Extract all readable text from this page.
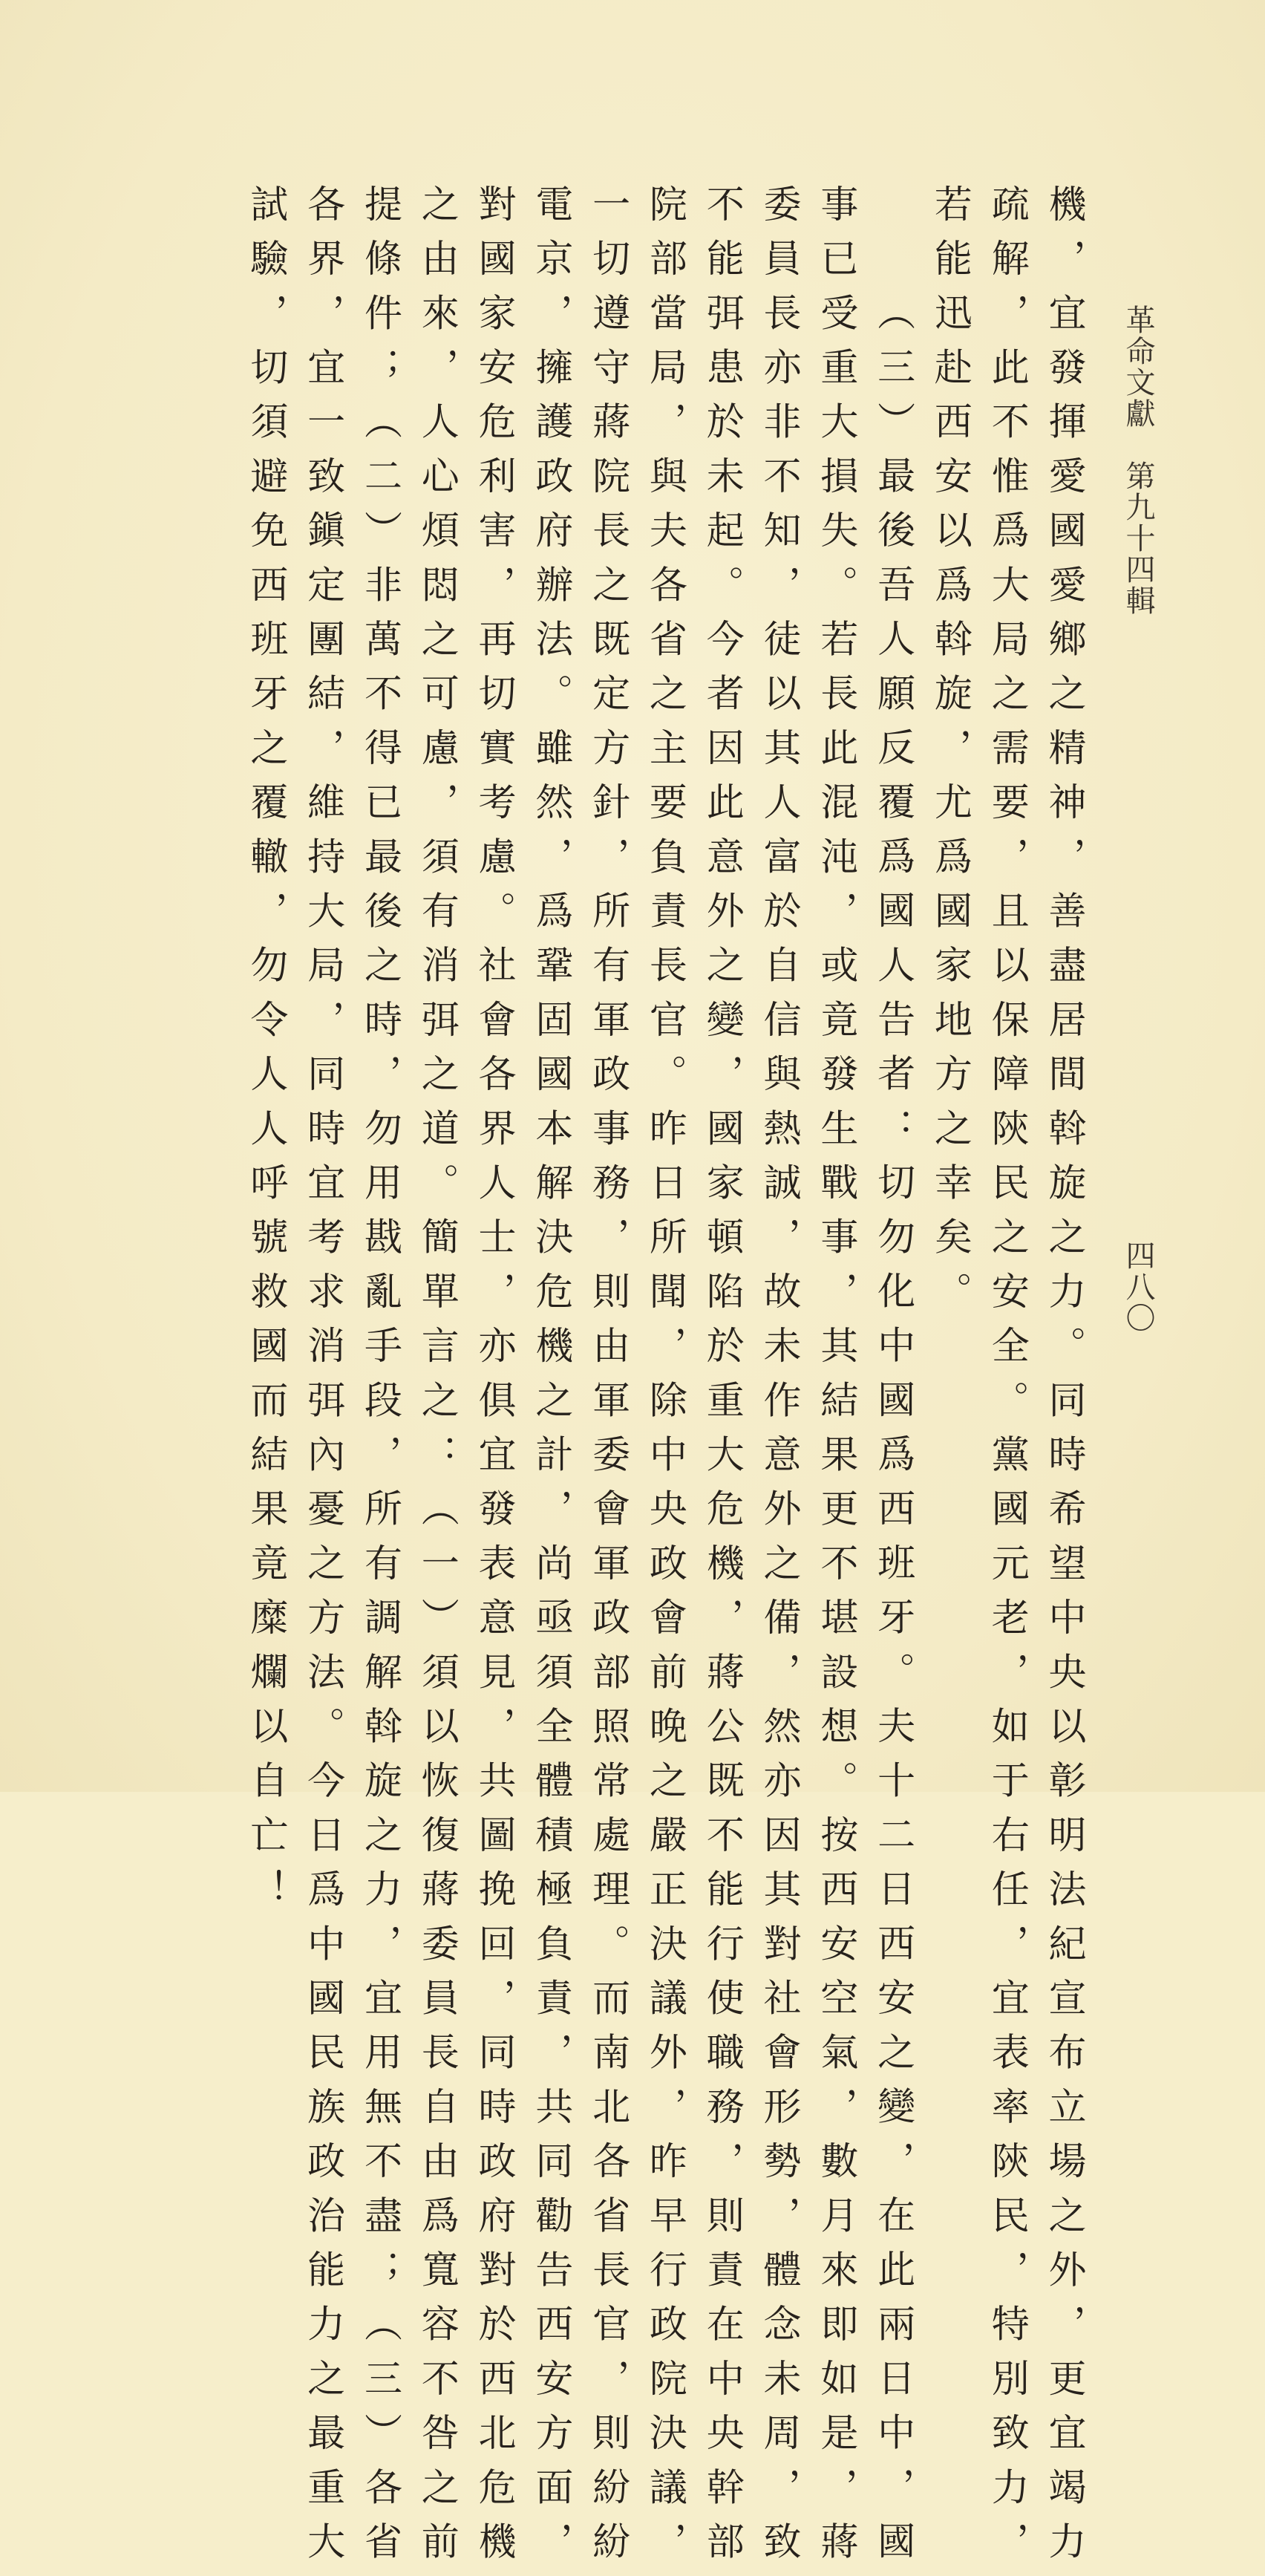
革命文獻　第九十四輯
四八〇
機，宜發揮愛國愛鄉之精神，善盡居間斡旋之力。同時希望中央以彰明法紀宣布立場之外，更宜竭力
疏解，此不惟爲大局之需要，且以保障陝民之安全。黨國元老，如于右任，宜表率陝民，特別致力，
若能迅赴西安以爲斡旋，尤爲國家地方之幸矣。
（三）最後吾人願反覆爲國人告者：切勿化中國爲西班牙。夫十二日西安之變，在此兩日中，國
事已受重大損失。若長此混沌，或竟發生戰事，其結果更不堪設想。按西安空氣，數月來即如是，蔣
委員長亦非不知，徒以其人富於自信與熱誠，故未作意外之備，然亦因其對社會形勢，體念未周，致
不能弭患於未起。今者因此意外之變，國家頓陷於重大危機，蔣公既不能行使職務，則責在中央幹部
院部當局，與夫各省之主要負責長官。昨日所聞，除中央政會前晚之嚴正決議外，昨早行政院決議，
一切遵守蔣院長之既定方針，所有軍政事務，則由軍委會軍政部照常處理。而南北各省長官，則紛紛
電京，擁護政府辦法。雖然，爲鞏固國本解決危機之計，尚亟須全體積極負責，共同勸告西安方面，
對國家安危利害，再切實考慮。社會各界人士，亦俱宜發表意見，共圖挽回，同時政府對於西北危機
之由來，人心煩悶之可慮，須有消弭之道。簡單言之：（一）須以恢復蔣委員長自由爲寬容不咎之前
提條件；（二）非萬不得已最後之時，勿用戡亂手段，所有調解斡旋之力，宜用無不盡；（三）各省
各界，宜一致鎭定團結，維持大局，同時宜考求消弭內憂之方法。今日爲中國民族政治能力之最重大
試驗，切須避免西班牙之覆轍，勿令人人呼號救國而結果竟糜爛以自亡！
